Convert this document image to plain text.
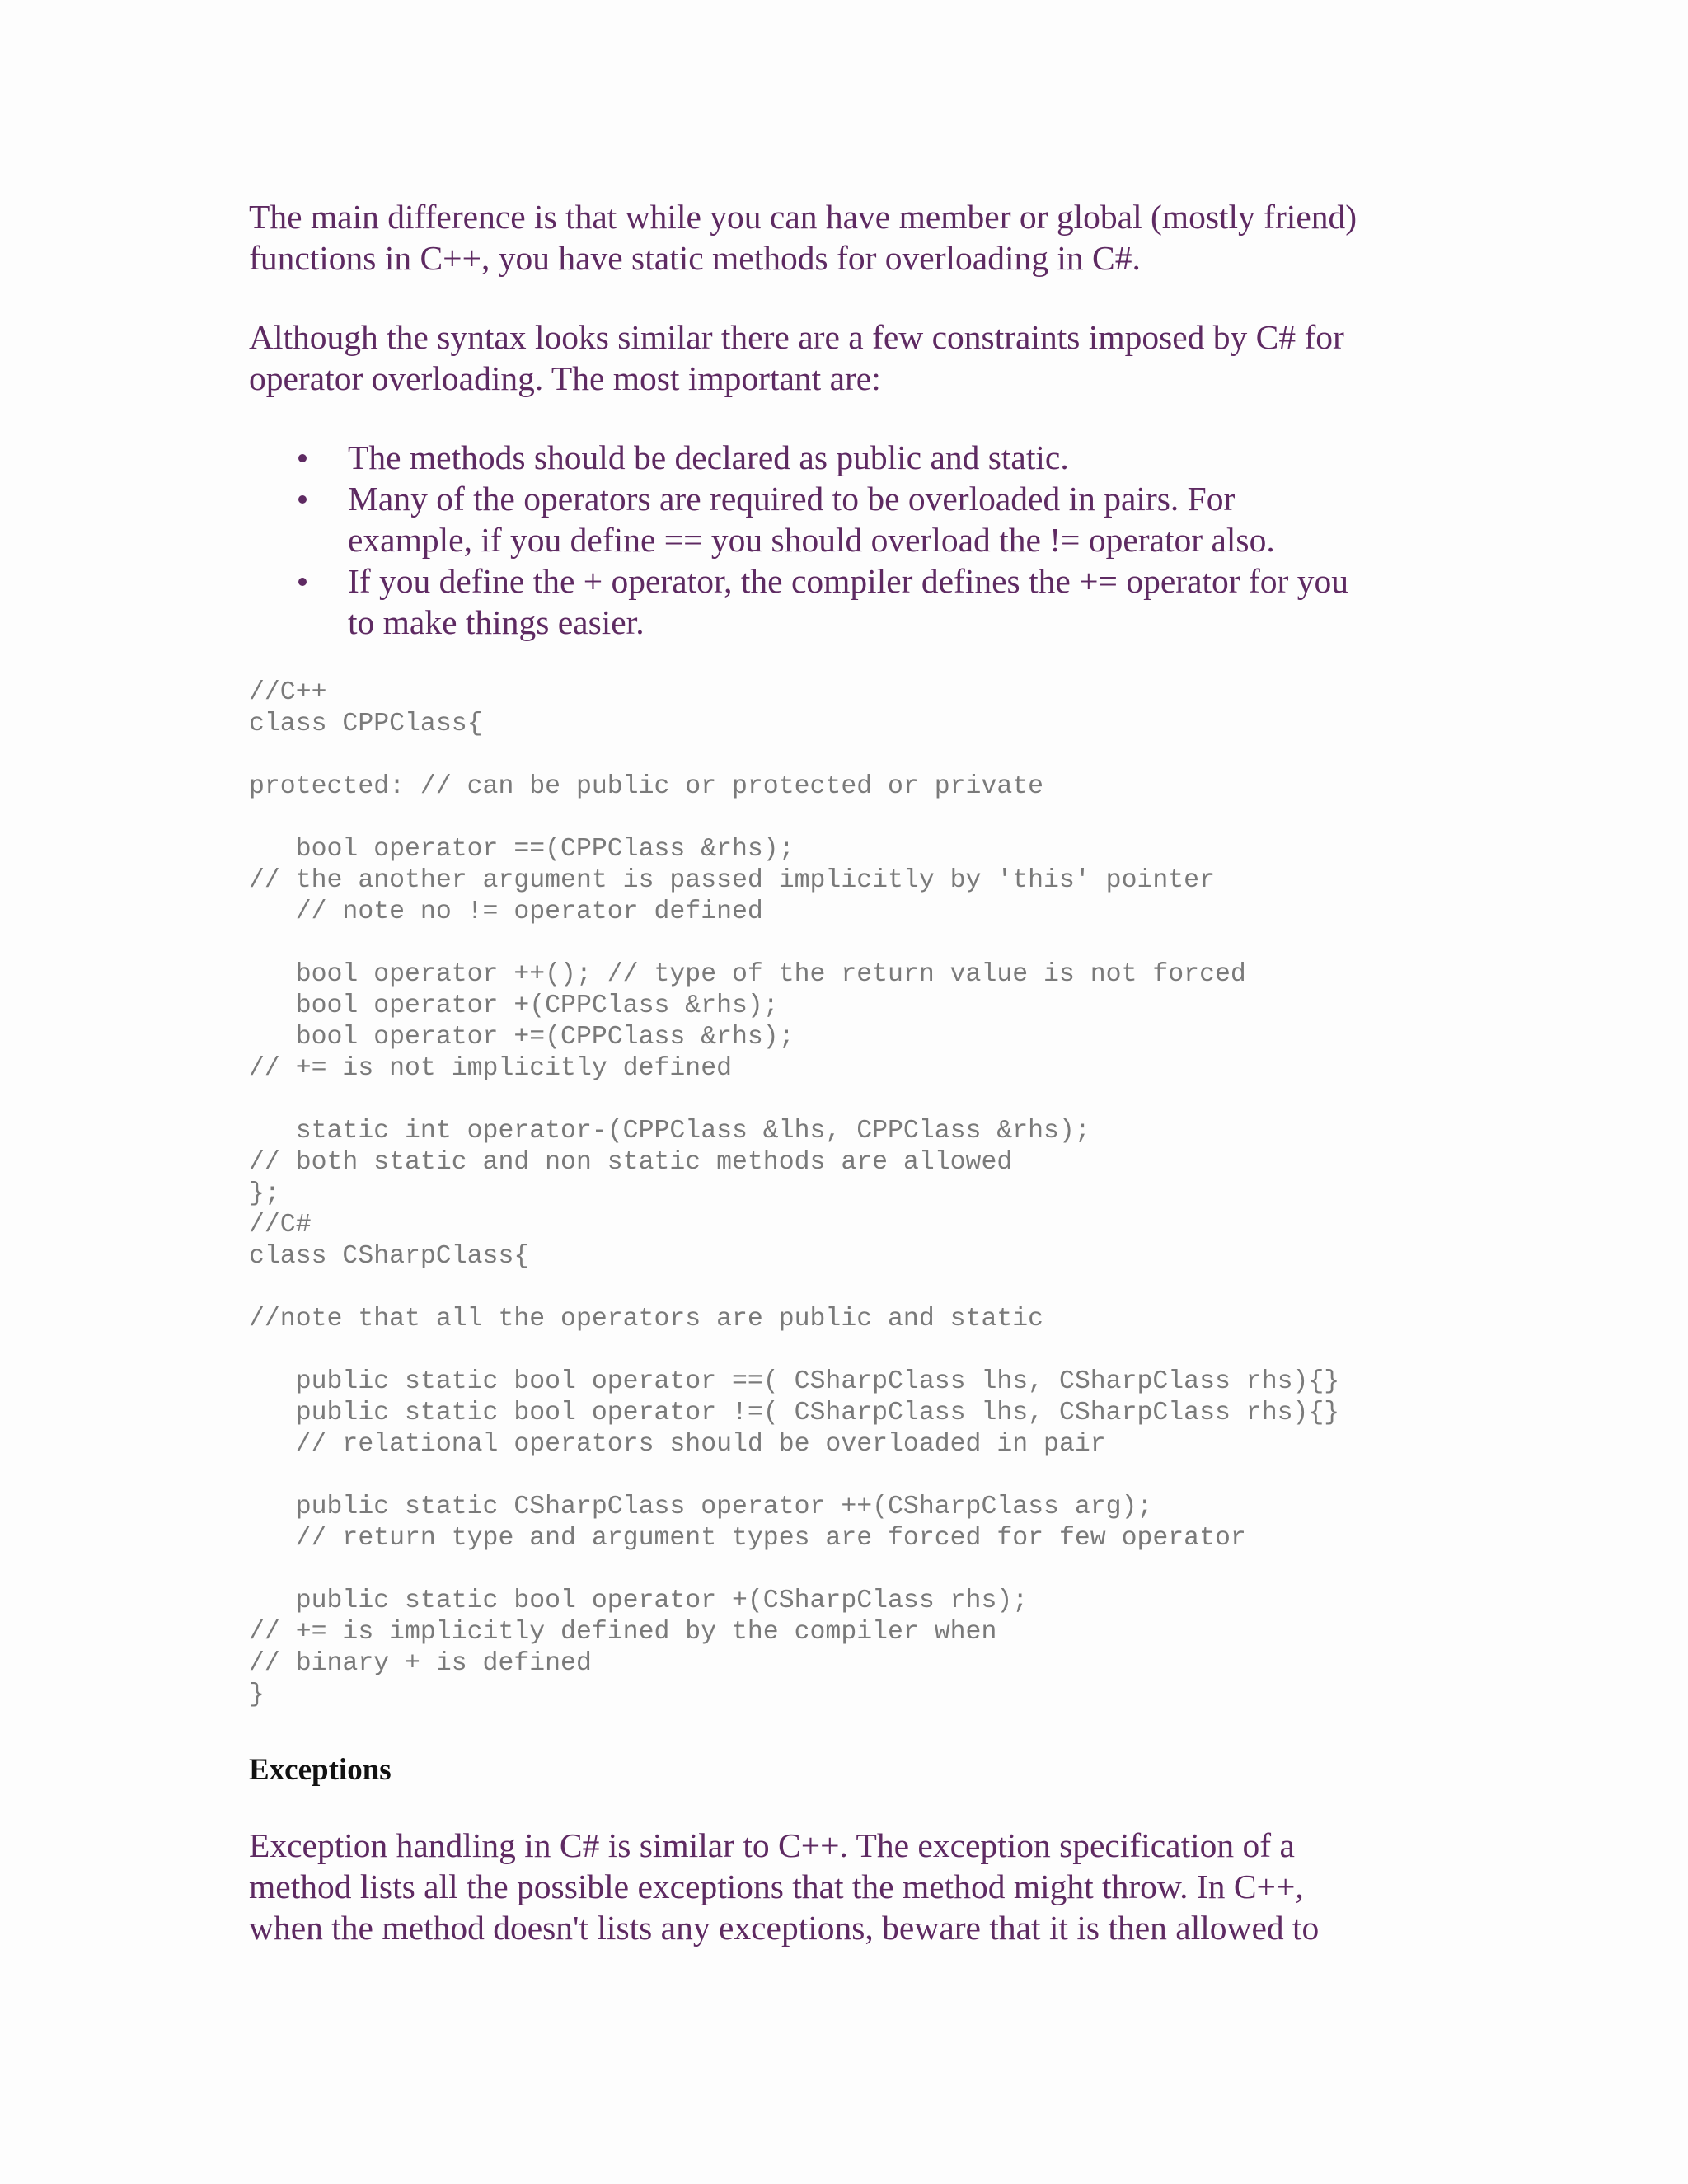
The main difference is that while you can have member or global (mostly friend)
functions in C++, you have static methods for overloading in C#.

Although the syntax looks similar there are a few constraints imposed by C# for
operator overloading. The most important are:

The methods should be declared as public and static.
Many of the operators are required to be overloaded in pairs. For
example, if you define == you should overload the != operator also.
If you define the + operator, the compiler defines the += operator for you
to make things easier.
//C++
class CPPClass{
protected: // can be public or protected or private
bool operator ==(CPPClass &rhs);
// the another argument is passed implicitly by 'this' pointer
// note no != operator defined
bool operator ++(); // type of the return value is not forced
bool operator +(CPPClass &rhs);
bool operator +=(CPPClass &rhs);
// += is not implicitly defined
static int operator-(CPPClass &lhs, CPPClass &rhs);
// both static and non static methods are allowed
};
//C#
class CSharpClass{
//note that all the operators are public and static
public static bool operator ==( CSharpClass lhs, CSharpClass rhs){}
public static bool operator !=( CSharpClass lhs, CSharpClass rhs){}
// relational operators should be overloaded in pair
public static CSharpClass operator ++(CSharpClass arg);
// return type and argument types are forced for few operator
public static bool operator +(CSharpClass rhs);
// += is implicitly defined by the compiler when
// binary + is defined
}
Exceptions

Exception handling in C# is similar to C++. The exception specification of a
method lists all the possible exceptions that the method might throw. In C++,
when the method doesn't lists any exceptions, beware that it is then allowed to
